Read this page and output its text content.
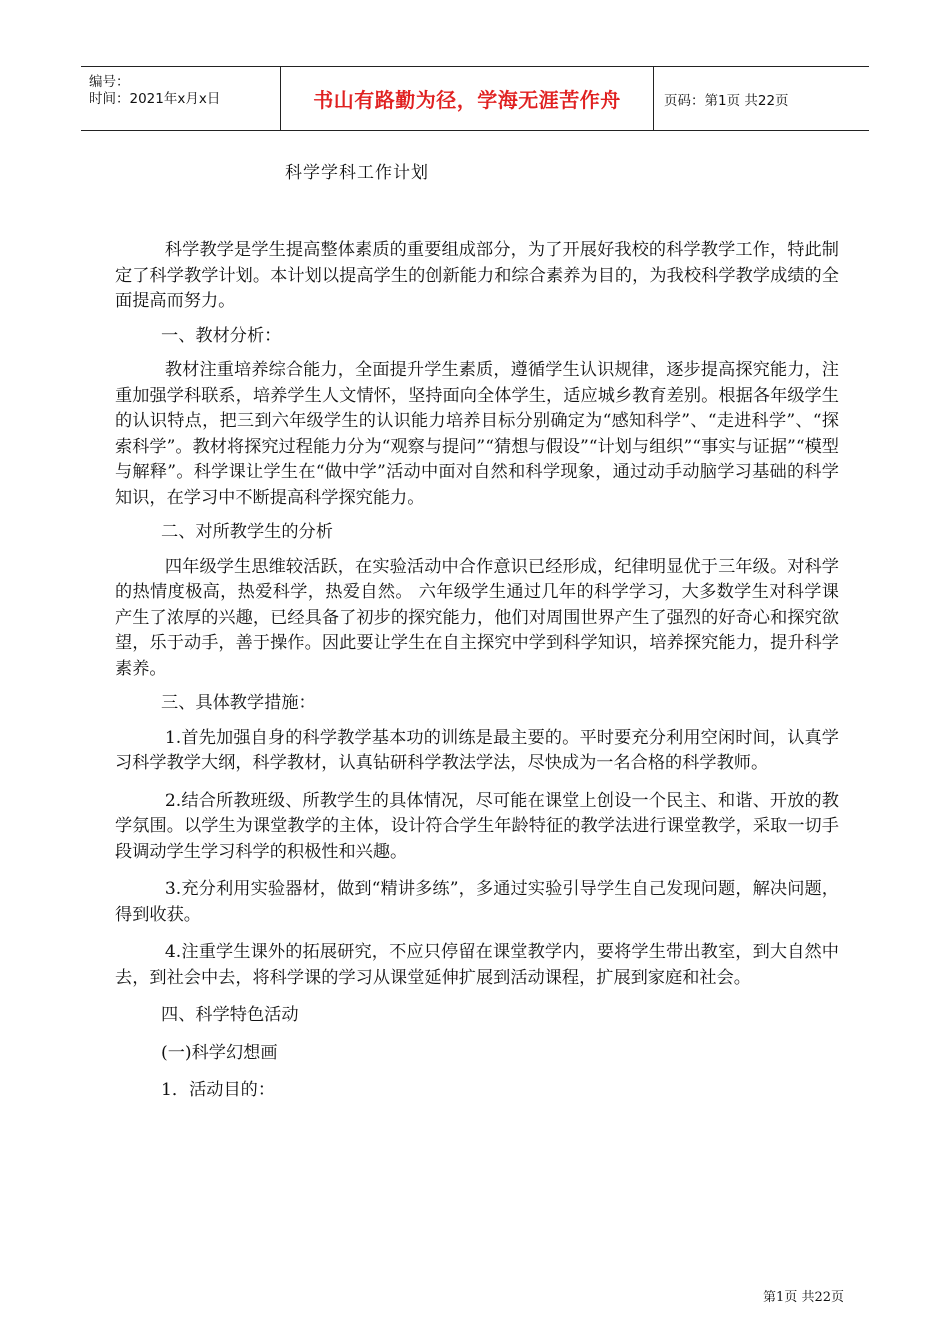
编号：
时间：2021年x月x日	书山有路勤为径，学海无涯苦作舟	页码：第1页 共22页
科学学科工作计划

科学教学是学生提高整体素质的重要组成部分，为了开展好我校的科学教学工作，特此制定了科学教学计划。本计划以提高学生的创新能力和综合素养为目的，为我校科学教学成绩的全面提高而努力。

一、教材分析：

教材注重培养综合能力，全面提升学生素质，遵循学生认识规律，逐步提高探究能力，注重加强学科联系，培养学生人文情怀，坚持面向全体学生，适应城乡教育差别。根据各年级学生的认识特点，把三到六年级学生的认识能力培养目标分别确定为“感知科学”、“走进科学”、“探索科学”。教材将探究过程能力分为“观察与提问”“猜想与假设”“计划与组织”“事实与证据”“模型与解释”。科学课让学生在“做中学”活动中面对自然和科学现象，通过动手动脑学习基础的科学知识，在学习中不断提高科学探究能力。

二、对所教学生的分析

四年级学生思维较活跃，在实验活动中合作意识已经形成，纪律明显优于三年级。对科学的热情度极高，热爱科学，热爱自然。 六年级学生通过几年的科学学习，大多数学生对科学课产生了浓厚的兴趣，已经具备了初步的探究能力，他们对周围世界产生了强烈的好奇心和探究欲望，乐于动手，善于操作。因此要让学生在自主探究中学到科学知识，培养探究能力，提升科学素养。

三、具体教学措施：

1.首先加强自身的科学教学基本功的训练是最主要的。平时要充分利用空闲时间，认真学习科学教学大纲，科学教材，认真钻研科学教法学法，尽快成为一名合格的科学教师。

2.结合所教班级、所教学生的具体情况，尽可能在课堂上创设一个民主、和谐、开放的教学氛围。以学生为课堂教学的主体，设计符合学生年龄特征的教学法进行课堂教学，采取一切手段调动学生学习科学的积极性和兴趣。

3.充分利用实验器材，做到“精讲多练”，多通过实验引导学生自己发现问题，解决问题，得到收获。

4.注重学生课外的拓展研究，不应只停留在课堂教学内，要将学生带出教室，到大自然中去，到社会中去，将科学课的学习从课堂延伸扩展到活动课程，扩展到家庭和社会。

四、科学特色活动

(一)科学幻想画

1．活动目的：

第1页 共22页
